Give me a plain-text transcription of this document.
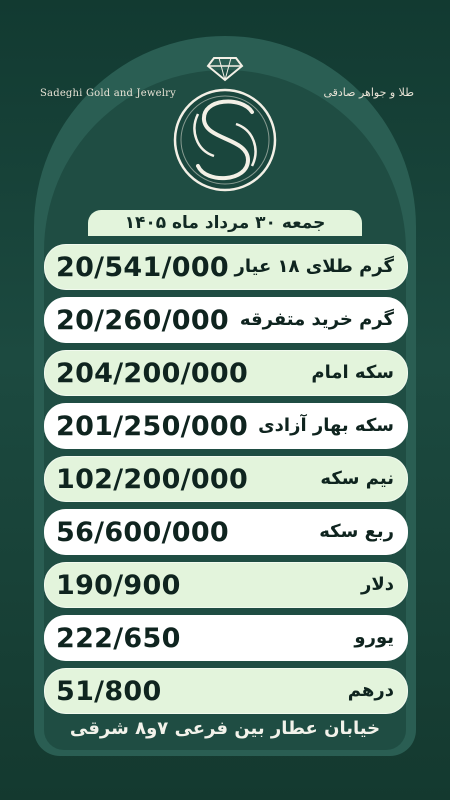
Sadeghi Gold and Jewelry	طلا و جواهر صادقی
جمعه ۳۰ مرداد ماه ۱۴۰۵
20/541/000 گرم طلای ۱۸ عیار
20/260/000 گرم خرید متفرقه
204/200/000	سکه امام
201/250/000 سکه بهار آزادی
102/200/000	نیم سکه
56/600/000	ربع سکه
190/900	دلار
222/650	یورو
51/800	درهم
خیابان عطار بین فرعی ۷و۸ شرقی
